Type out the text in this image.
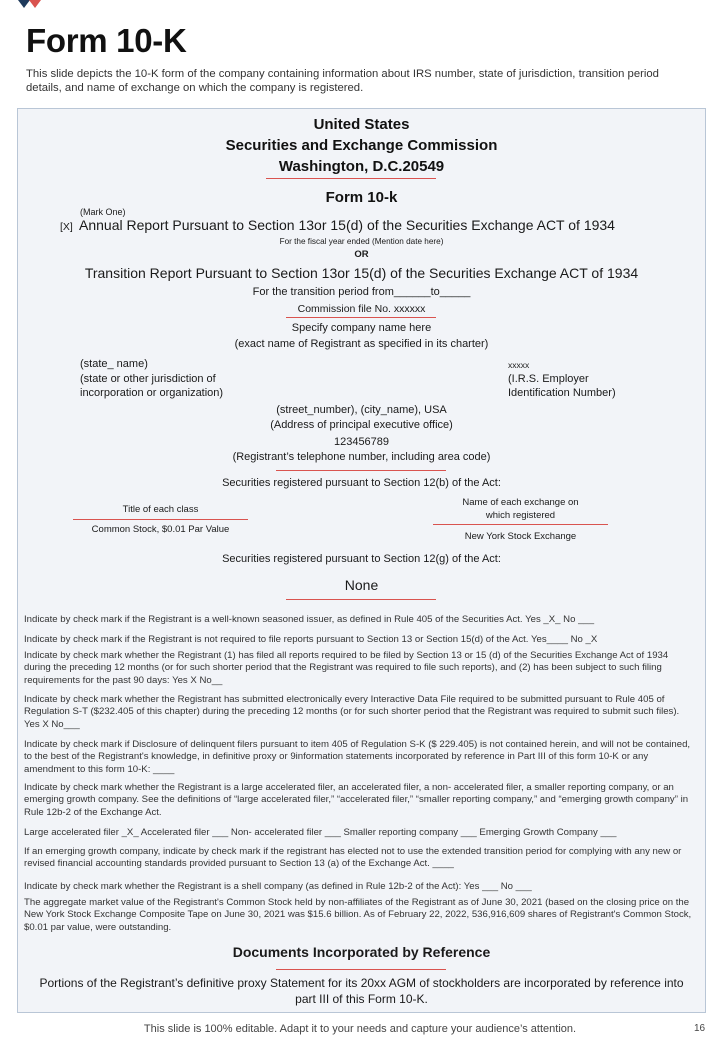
Form 10-K
This slide depicts the 10-K form of the company containing information about IRS number, state of jurisdiction, transition period details, and name of exchange on which the company is registered.
United States
Securities and Exchange Commission
Washington, D.C.20549
Form 10-k
(Mark One)
[X] Annual Report Pursuant to Section 13or 15(d) of the Securities Exchange ACT of 1934
For the fiscal year ended (Mention date here)
OR
Transition Report Pursuant to Section 13or 15(d) of the Securities Exchange ACT of 1934
For the transition period from______to_____
Commission file No. xxxxxx
Specify company name here
(exact name of Registrant as specified in its charter)
(state_ name)
(state or other jurisdiction of
incorporation or organization)
xxxxx
(I.R.S. Employer
Identification Number)
(street_number), (city_name), USA
(Address of principal executive office)
123456789
(Registrant’s telephone number, including area code)
Securities registered pursuant to Section 12(b) of the Act:
Title of each class
Common Stock, $0.01 Par Value
Name of each exchange on
which registered
New York Stock Exchange
Securities registered pursuant to Section 12(g) of the Act:
None
Indicate by check mark if the Registrant is a well-known seasoned issuer, as defined in Rule 405 of the Securities Act. Yes _X_ No ___
Indicate by check mark if the Registrant is not required to file reports pursuant to Section 13 or Section 15(d) of the Act. Yes____ No _X
Indicate by check mark whether the Registrant (1) has filed all reports required to be filed by Section 13 or 15 (d) of the Securities Exchange Act of 1934 during the preceding 12 months (or for such shorter period that the Registrant was required to file such reports), and (2) has been subject to such filing requirements for the past 90 days: Yes X No__
Indicate by check mark whether the Registrant has submitted electronically every Interactive Data File required to be submitted pursuant to Rule 405 of Regulation S-T ($232.405 of this chapter) during the preceding 12 months (or for such shorter period that the Registrant was required to submit such files). Yes X No___
Indicate by check mark if Disclosure of delinquent filers pursuant to item 405 of Regulation S-K ($ 229.405) is not contained herein, and will not be contained, to the best of the Registrant's knowledge, in definitive proxy or 9information statements incorporated by reference in Part III of this form 10-K or any amendment to this form 10-K: ____
Indicate by check mark whether the Registrant is a large accelerated filer, an accelerated filer, a non- accelerated filer, a smaller reporting company, or an emerging growth company. See the definitions of “large accelerated filer,” “accelerated filer,” “smaller reporting company,” and “emerging growth company” in Rule 12b-2 of the Exchange Act.
Large accelerated filer _X_ Accelerated filer ___ Non- accelerated filer ___ Smaller reporting company ___ Emerging Growth Company ___
If an emerging growth company, indicate by check mark if the registrant has elected not to use the extended transition period for complying with any new or revised financial accounting standards provided pursuant to Section 13 (a) of the Exchange Act. ____
Indicate by check mark whether the Registrant is a shell company (as defined in Rule 12b-2 of the Act): Yes ___ No ___
The aggregate market value of the Registrant's Common Stock held by non-affiliates of the Registrant as of June 30, 2021 (based on the closing price on the New York Stock Exchange Composite Tape on June 30, 2021 was $15.6 billion. As of February 22, 2022, 536,916,609 shares of Registrant's Common Stock, $0.01 par value, were outstanding.
Documents Incorporated by Reference
Portions of the Registrant’s definitive proxy Statement for its 20xx AGM of stockholders are incorporated by reference into part III of this Form 10-K.
This slide is 100% editable. Adapt it to your needs and capture your audience’s attention.	16
